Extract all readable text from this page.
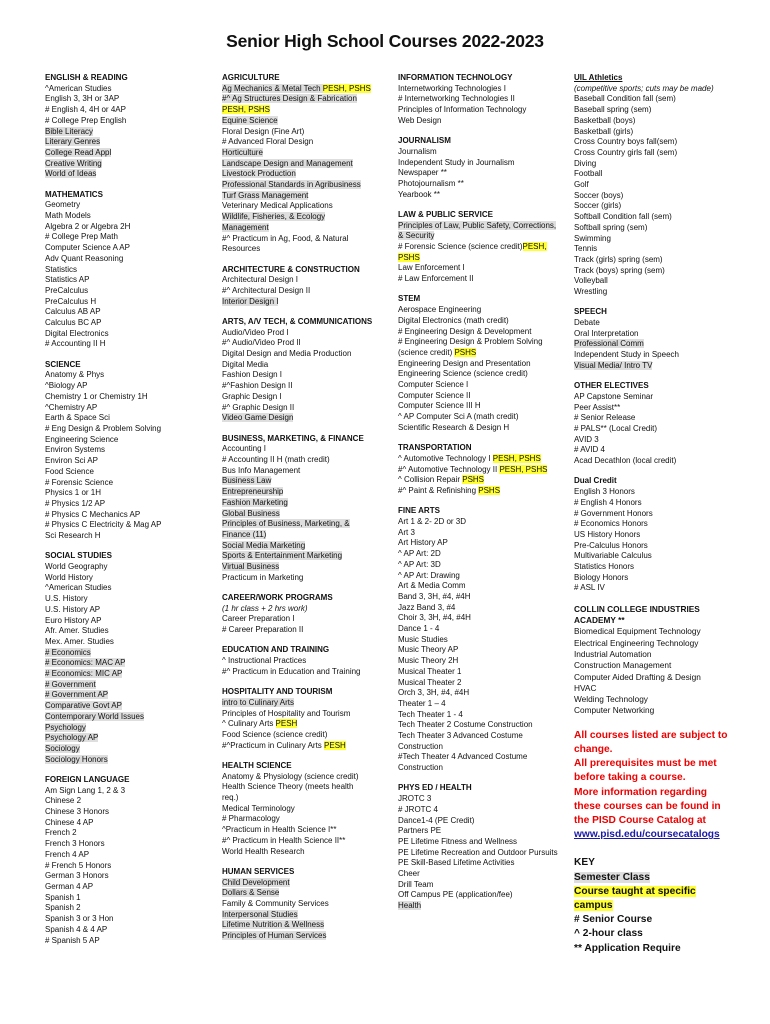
Senior High School Courses 2022-2023
ENGLISH & READING
^American Studies
English 3, 3H or 3AP
# English 4, 4H or 4AP
# College Prep English
Bible Literacy
Literary Genres
College Read Appl
Creative Writing
World of Ideas
MATHEMATICS
Geometry
Math Models
Algebra 2 or Algebra 2H
# College Prep Math
Computer Science A AP
Adv Quant Reasoning
Statistics
Statistics AP
PreCalculus
PreCalculus H
Calculus AB AP
Calculus BC AP
Digital Electronics
# Accounting II H
SCIENCE
Anatomy & Phys
^Biology AP
Chemistry 1 or Chemistry 1H
^Chemistry AP
Earth & Space Sci
# Eng Design & Problem Solving
Engineering Science
Environ Systems
Environ Sci AP
Food Science
# Forensic Science
Physics 1 or 1H
# Physics 1/2 AP
# Physics C Mechanics AP
# Physics C Electricity & Mag AP
Sci Research H
SOCIAL STUDIES
World Geography
World History
^American Studies
U.S. History
U.S. History AP
Euro History AP
Afr. Amer. Studies
Mex. Amer. Studies
# Economics
# Economics: MAC AP
# Economics: MIC AP
# Government
# Government AP
Comparative Govt AP
Contemporary World Issues
Psychology
Psychology AP
Sociology
Sociology Honors
FOREIGN LANGUAGE
Am Sign Lang 1, 2 & 3
Chinese 2
Chinese 3 Honors
Chinese 4 AP
French 2
French 3 Honors
French 4 AP
# French 5 Honors
German 3 Honors
German 4 AP
Spanish 1
Spanish 2
Spanish 3 or 3 Hon
Spanish 4 & 4 AP
# Spanish 5 AP
AGRICULTURE
Ag Mechanics & Metal Tech PESH, PSHS
#^ Ag Structures Design & Fabrication
PESH, PSHS
Equine Science
Floral Design (Fine Art)
# Advanced Floral Design
Horticulture
Landscape Design and Management
Livestock Production
Professional Standards in Agribusiness
Turf Grass Management
Veterinary Medical Applications
Wildlife, Fisheries, & Ecology
Management
#^ Practicum in Ag, Food, & Natural
Resources
ARCHITECTURE & CONSTRUCTION
Architectural Design I
#^ Architectural Design II
Interior Design I
ARTS, A/V TECH, & COMMUNICATIONS
Audio/Video Prod I
#^ Audio/Video Prod II
Digital Design and Media Production
Digital Media
Fashion Design I
#^Fashion Design II
Graphic Design I
#^ Graphic Design II
Video Game Design
BUSINESS, MARKETING, & FINANCE
Accounting I
# Accounting II H (math credit)
Bus Info Management
Business Law
Entrepreneurship
Fashion Marketing
Global Business
Principles of Business, Marketing, &
Finance (11)
Social Media Marketing
Sports & Entertainment Marketing
Virtual Business
Practicum in Marketing
CAREER/WORK PROGRAMS
(1 hr class + 2 hrs work)
Career Preparation I
# Career Preparation II
EDUCATION AND TRAINING
^ Instructional Practices
#^ Practicum in Education and Training
HOSPITALITY AND TOURISM
intro to Culinary Arts
Principles of Hospitality and Tourism
^ Culinary Arts PESH
Food Science (science credit)
#^Practicum in Culinary Arts PESH
HEALTH SCIENCE
Anatomy & Physiology (science credit)
Health Science Theory (meets health
req.)
Medical Terminology
# Pharmacology
^Practicum in Health Science I**
#^ Practicum in Health Science II**
World Health Research
HUMAN SERVICES
Child Development
Dollars & Sense
Family & Community Services
Interpersonal Studies
Lifetime Nutrition & Wellness
Principles of Human Services
INFORMATION TECHNOLOGY
Internetworking Technologies I
# Internetworking Technologies II
Principles of Information Technology
Web Design
JOURNALISM
Journalism
Independent Study in Journalism
Newspaper **
Photojournalism **
Yearbook **
LAW & PUBLIC SERVICE
Principles of Law, Public Safety, Corrections,
& Security
# Forensic Science (science credit)PESH,
PSHS
Law Enforcement I
# Law Enforcement II
STEM
Aerospace Engineering
Digital Electronics (math credit)
# Engineering Design & Development
# Engineering Design & Problem Solving
(science credit) PSHS
Engineering Design and Presentation
Engineering Science (science credit)
Computer Science I
Computer Science II
Computer Science III H
^ AP Computer Sci A (math credit)
Scientific Research & Design H
TRANSPORTATION
^ Automotive Technology I PESH, PSHS
#^ Automotive Technology II PESH, PSHS
^ Collision Repair PSHS
#^ Paint & Refinishing PSHS
FINE ARTS
Art 1 & 2- 2D or 3D
Art 3
Art History AP
^ AP Art: 2D
^ AP Art: 3D
^ AP Art: Drawing
Art & Media Comm
Band 3, 3H, #4, #4H
Jazz Band 3, #4
Choir 3, 3H, #4, #4H
Dance 1 - 4
Music Studies
Music Theory AP
Music Theory 2H
Musical Theater 1
Musical Theater 2
Orch 3, 3H, #4, #4H
Theater 1 – 4
Tech Theater 1 - 4
Tech Theater 2 Costume Construction
Tech Theater 3 Advanced Costume
Construction
#Tech Theater 4 Advanced Costume
Construction
PHYS ED / HEALTH
JROTC 3
# JROTC 4
Dance1-4 (PE Credit)
Partners PE
PE Lifetime Fitness and Wellness
PE Lifetime Recreation and Outdoor Pursuits
PE Skill-Based Lifetime Activities
Cheer
Drill Team
Off Campus PE (application/fee)
Health
UIL Athletics
(competitive sports; cuts may be made)
Baseball Condition fall (sem)
Baseball spring (sem)
Basketball (boys)
Basketball (girls)
Cross Country boys fall(sem)
Cross Country girls fall (sem)
Diving
Football
Golf
Soccer (boys)
Soccer (girls)
Softball Condition fall (sem)
Softball spring (sem)
Swimming
Tennis
Track (girls) spring (sem)
Track (boys) spring (sem)
Volleyball
Wrestling
SPEECH
Debate
Oral Interpretation
Professional Comm
Independent Study in Speech
Visual Media/ Intro TV
OTHER ELECTIVES
AP Capstone Seminar
Peer Assist**
# Senior Release
# PALS** (Local Credit)
AVID 3
# AVID 4
Acad Decathlon (local credit)
Dual Credit
English 3 Honors
# English 4 Honors
# Government Honors
# Economics Honors
US History Honors
Pre-Calculus Honors
Multivariable Calculus
Statistics Honors
Biology Honors
# ASL IV
COLLIN COLLEGE INDUSTRIES
ACADEMY **
Biomedical Equipment Technology
Electrical Engineering Technology
Industrial Automation
Construction Management
Computer Aided Drafting & Design
HVAC
Welding Technology
Computer Networking
All courses listed are subject to
change.
All prerequisites must be met
before taking a course.
More information regarding
these courses can be found in
the PISD Course Catalog at
www.pisd.edu/coursecatalogs
KEY
Semester Class
Course taught at specific campus
# Senior Course
^ 2-hour class
** Application Require
